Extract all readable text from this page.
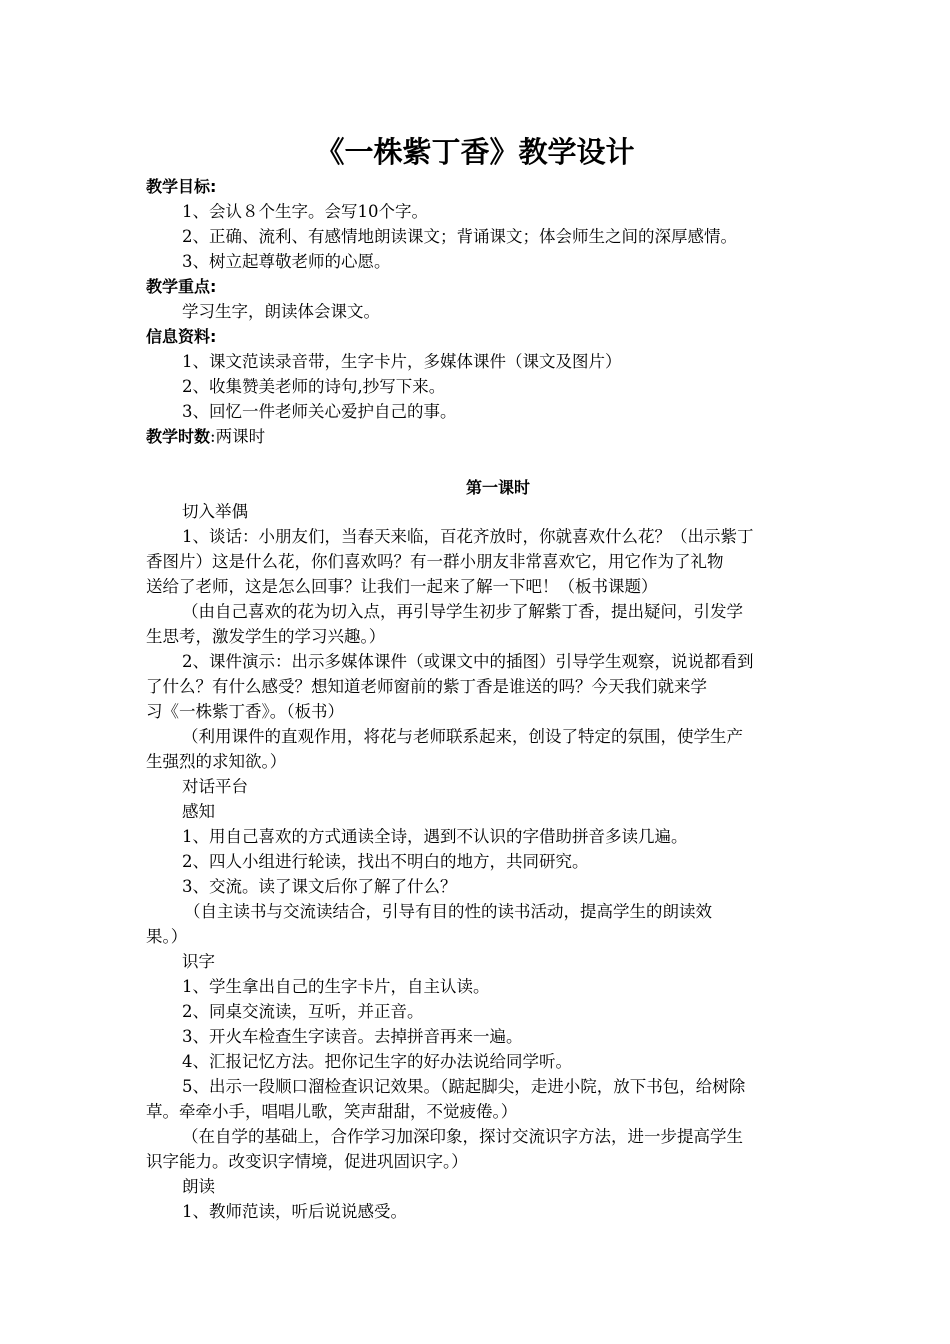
《一株紫丁香》教学设计
教学目标:
1、会认８个生字。会写10个字。
2、正确、流利、有感情地朗读课文；背诵课文；体会师生之间的深厚感情。
3、树立起尊敬老师的心愿。
教学重点:
学习生字，朗读体会课文。
信息资料:
1、课文范读录音带，生字卡片，多媒体课件（课文及图片）
2、收集赞美老师的诗句,抄写下来。
3、回忆一件老师关心爱护自己的事。
教学时数:两课时
第一课时
切入举偶
1、谈话：小朋友们，当春天来临，百花齐放时，你就喜欢什么花？（出示紫丁
香图片）这是什么花，你们喜欢吗？有一群小朋友非常喜欢它，用它作为了礼物
送给了老师，这是怎么回事？让我们一起来了解一下吧！（板书课题）
（由自己喜欢的花为切入点，再引导学生初步了解紫丁香，提出疑问，引发学
生思考，激发学生的学习兴趣。）
2、课件演示：出示多媒体课件（或课文中的插图）引导学生观察，说说都看到
了什么？有什么感受？想知道老师窗前的紫丁香是谁送的吗？今天我们就来学
习《一株紫丁香》。（板书）
（利用课件的直观作用，将花与老师联系起来，创设了特定的氛围，使学生产
生强烈的求知欲。）
对话平台
感知
1、用自己喜欢的方式通读全诗，遇到不认识的字借助拼音多读几遍。
2、四人小组进行轮读，找出不明白的地方，共同研究。
3、交流。读了课文后你了解了什么？
（自主读书与交流读结合，引导有目的性的读书活动，提高学生的朗读效
果。）
识字
1、学生拿出自己的生字卡片，自主认读。
2、同桌交流读，互听，并正音。
3、开火车检查生字读音。去掉拼音再来一遍。
4、汇报记忆方法。把你记生字的好办法说给同学听。
5、出示一段顺口溜检查识记效果。（踮起脚尖，走进小院，放下书包，给树除
草。牵牵小手，唱唱儿歌，笑声甜甜，不觉疲倦。）
（在自学的基础上，合作学习加深印象，探讨交流识字方法，进一步提高学生
识字能力。改变识字情境，促进巩固识字。）
朗读
1、教师范读，听后说说感受。
